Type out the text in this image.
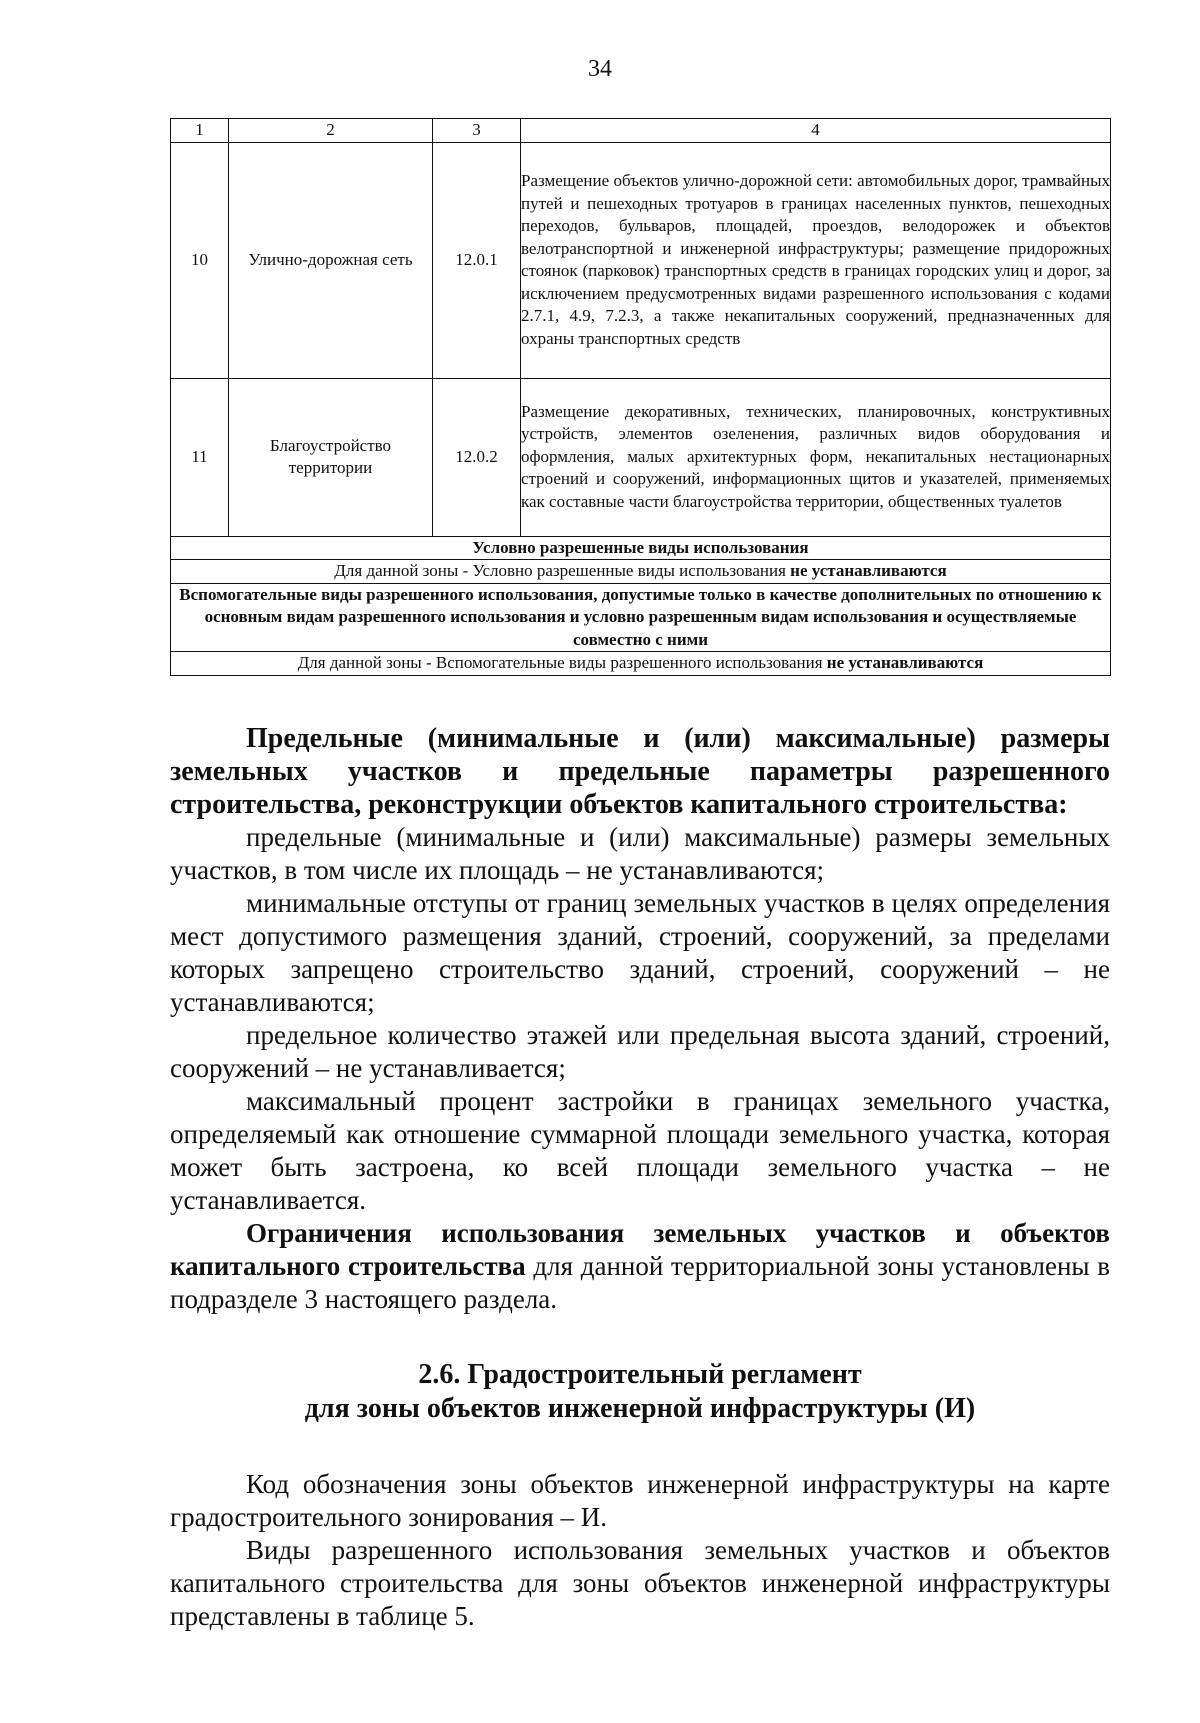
34
1	2	3	4
10	Улично-дорожная сеть	12.0.1	Размещение объектов улично-дорожной сети: автомобильных дорог, трамвайных путей и пешеходных тротуаров в границах населенных пунктов, пешеходных переходов, бульваров, площадей, проездов, велодорожек и объектов велотранспортной и инженерной инфраструктуры; размещение придорожных стоянок (парковок) транспортных средств в границах городских улиц и дорог, за исключением предусмотренных видами разрешенного использования с кодами 2.7.1, 4.9, 7.2.3, а также некапитальных сооружений, предназначенных для охраны транспортных средств
11	Благоустройство территории	12.0.2	Размещение декоративных, технических, планировочных, конструктивных устройств, элементов озеленения, различных видов оборудования и оформления, малых архитектурных форм, некапитальных нестационарных строений и сооружений, информационных щитов и указателей, применяемых как составные части благоустройства территории, общественных туалетов
Условно разрешенные виды использования			
Для данной зоны - Условно разрешенные виды использования не устанавливаются			
Вспомогательные виды разрешенного использования, допустимые только в качестве дополнительных по отношению к основным видам разрешенного использования и условно разрешенным видам использования и осуществляемые совместно с ними			
Для данной зоны - Вспомогательные виды разрешенного использования не устанавливаются			

Предельные (минимальные и (или) максимальные) размеры земельных участков и предельные параметры разрешенного строительства, реконструкции объектов капитального строительства:

предельные (минимальные и (или) максимальные) размеры земельных участков, в том числе их площадь – не устанавливаются;

минимальные отступы от границ земельных участков в целях определения мест допустимого размещения зданий, строений, сооружений, за пределами которых запрещено строительство зданий, строений, сооружений – не устанавливаются;

предельное количество этажей или предельная высота зданий, строений, сооружений – не устанавливается;

максимальный процент застройки в границах земельного участка, определяемый как отношение суммарной площади земельного участка, которая может быть застроена, ко всей площади земельного участка – не устанавливается.

Ограничения использования земельных участков и объектов капитального строительства для данной территориальной зоны установлены в подразделе 3 настоящего раздела.

2.6. Градостроительный регламент
для зоны объектов инженерной инфраструктуры (И)

Код обозначения зоны объектов инженерной инфраструктуры на карте градостроительного зонирования – И.

Виды разрешенного использования земельных участков и объектов капитального строительства для зоны объектов инженерной инфраструктуры представлены в таблице 5.
